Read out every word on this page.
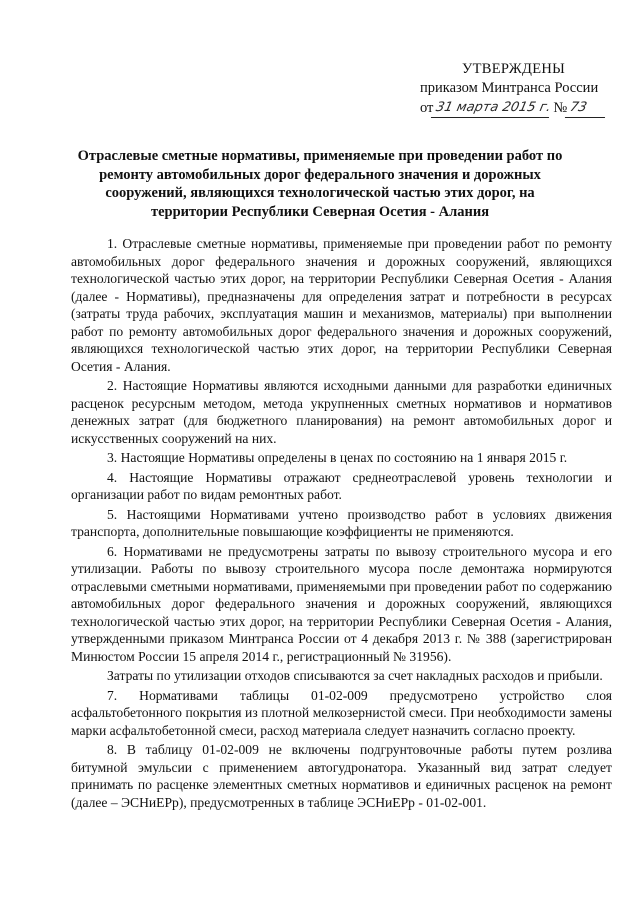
УТВЕРЖДЕНЫ
приказом Минтранса России
от 31 марта 2015 г. № 73
Отраслевые сметные нормативы, применяемые при проведении работ по ремонту автомобильных дорог федерального значения и дорожных сооружений, являющихся технологической частью этих дорог, на территории Республики Северная Осетия - Алания

1. Отраслевые сметные нормативы, применяемые при проведении работ по ремонту автомобильных дорог федерального значения и дорожных сооружений, являющихся технологической частью этих дорог, на территории Республики Северная Осетия - Алания (далее - Нормативы), предназначены для определения затрат и потребности в ресурсах (затраты труда рабочих, эксплуатация машин и механизмов, материалы) при выполнении работ по ремонту автомобильных дорог федерального значения и дорожных сооружений, являющихся технологической частью этих дорог, на территории Республики Северная Осетия - Алания.

2. Настоящие Нормативы являются исходными данными для разработки единичных расценок ресурсным методом, метода укрупненных сметных нормативов и нормативов денежных затрат (для бюджетного планирования) на ремонт автомобильных дорог и искусственных сооружений на них.

3. Настоящие Нормативы определены в ценах по состоянию на 1 января 2015 г.

4. Настоящие Нормативы отражают среднеотраслевой уровень технологии и организации работ по видам ремонтных работ.

5. Настоящими Нормативами учтено производство работ в условиях движения транспорта, дополнительные повышающие коэффициенты не применяются.

6. Нормативами не предусмотрены затраты по вывозу строительного мусора и его утилизации. Работы по вывозу строительного мусора после демонтажа нормируются отраслевыми сметными нормативами, применяемыми при проведении работ по содержанию автомобильных дорог федерального значения и дорожных сооружений, являющихся технологической частью этих дорог, на территории Республики Северная Осетия - Алания, утвержденными приказом Минтранса России от 4 декабря 2013 г. № 388 (зарегистрирован Минюстом России 15 апреля 2014 г., регистрационный № 31956).

Затраты по утилизации отходов списываются за счет накладных расходов и прибыли.

7. Нормативами таблицы 01-02-009 предусмотрено устройство слоя асфальтобетонного покрытия из плотной мелкозернистой смеси. При необходимости замены марки асфальтобетонной смеси, расход материала следует назначить согласно проекту.

8. В таблицу 01-02-009 не включены подгрунтовочные работы путем розлива битумной эмульсии с применением автогудронатора. Указанный вид затрат следует принимать по расценке элементных сметных нормативов и единичных расценок на ремонт (далее – ЭСНиЕРр), предусмотренных в таблице ЭСНиЕРр - 01-02-001.
